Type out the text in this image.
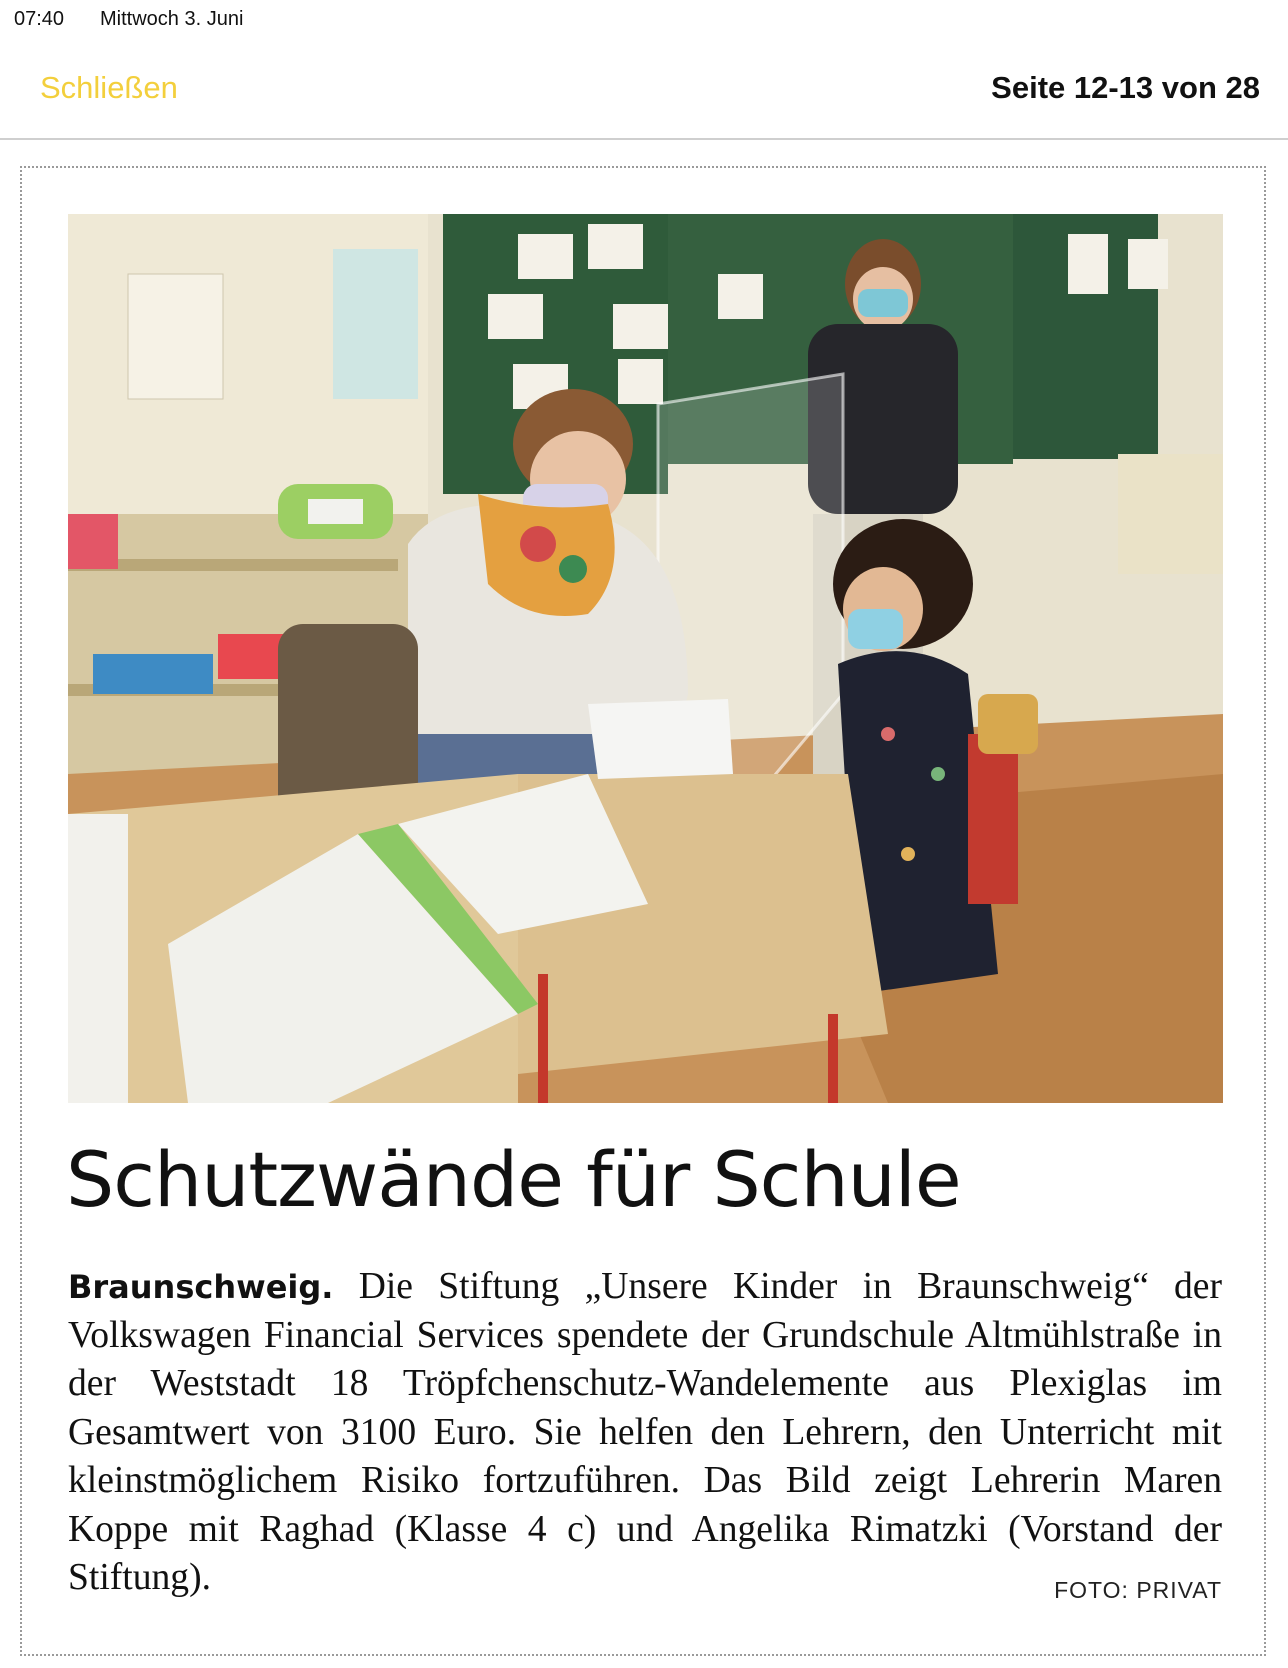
07:40 Mittwoch 3. Juni
Schließen	Seite 12-13 von 28
Schutzwände für Schule

Braunschweig. Die Stiftung „Unsere Kinder in Braunschweig“ der Volkswagen Financial Services spendete der Grundschule Altmühlstraße in der Weststadt 18 Tröpfchenschutz-Wandelemente aus Plexiglas im Gesamtwert von 3100 Euro. Sie helfen den Lehrern, den Unterricht mit kleinstmöglichem Risiko fortzuführen. Das Bild zeigt Lehrerin Maren Koppe mit Raghad (Klasse 4 c) und Angelika Rimatzki (Vorstand der Stiftung).	FOTO: PRIVAT
